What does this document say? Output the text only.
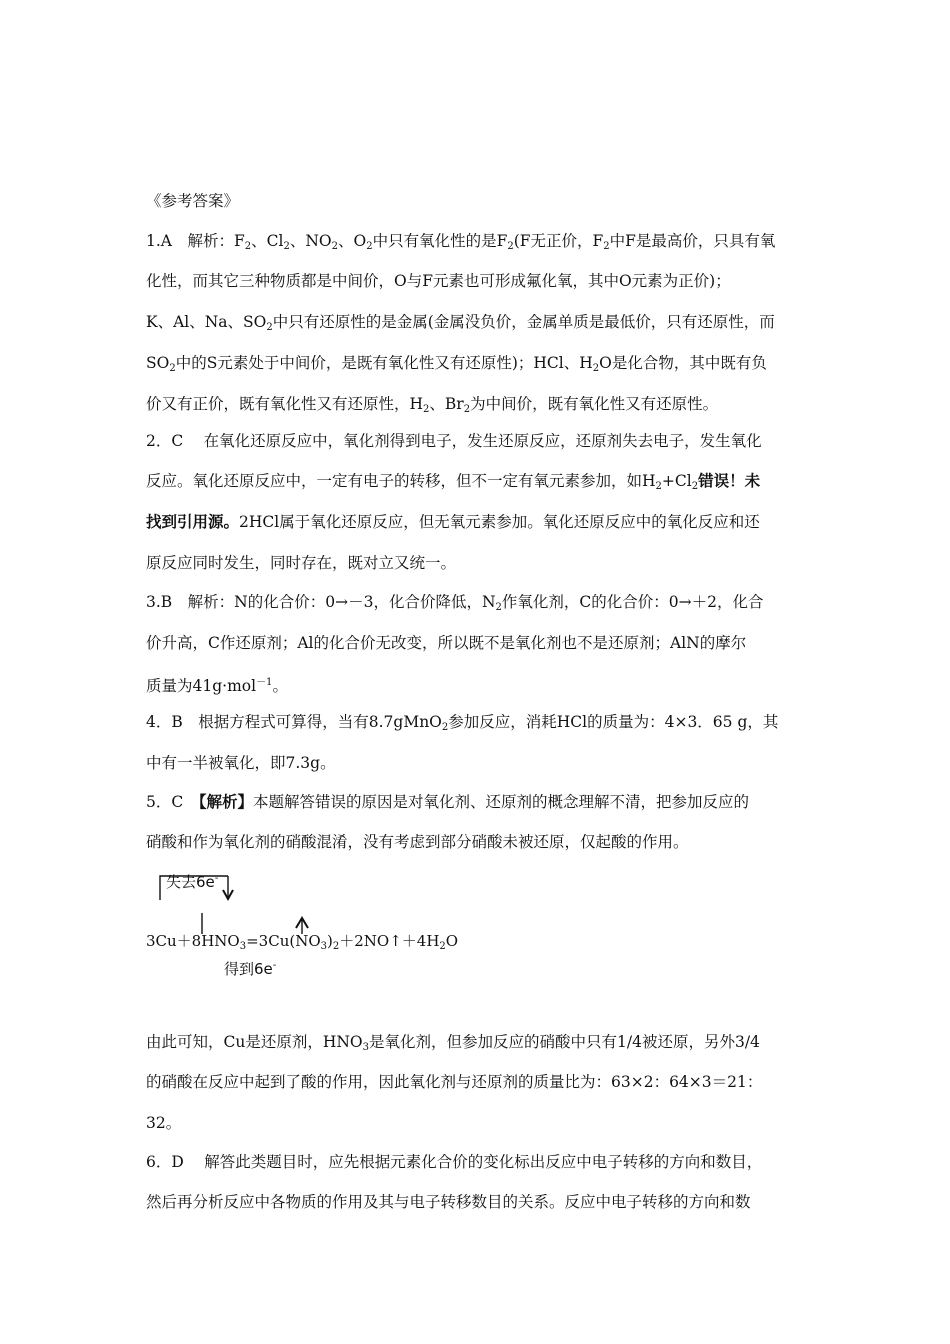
《参考答案》
1.A　解析：$F_2$、$Cl_2$、$NO_2$、$O_2$中只有氧化性的是$F_2(F$无正价，$F_2$中F是最高价，只具有氧
化性，而其它三种物质都是中间价，O与F元素也可形成氟化氧，其中O元素为正价)；
K、Al、Na、$SO_2$中只有还原性的是金属(金属没负价，金属单质是最低价，只有还原性，而
$SO_2$中的S元素处于中间价，是既有氧化性又有还原性)；HCl、$H_2O$是化合物，其中既有负
价又有正价，既有氧化性又有还原性，$H_2$、$Br_2$为中间价，既有氧化性又有还原性。
2．C　 在氧化还原反应中，氧化剂得到电子，发生还原反应，还原剂失去电子，发生氧化
反应。氧化还原反应中，一定有电子的转移，但不一定有氧元素参加，如$H_2+Cl_2$错误！未
找到引用源。2HCl属于氧化还原反应，但无氧元素参加。氧化还原反应中的氧化反应和还
原反应同时发生，同时存在，既对立又统一。
3.B　解析：N的化合价：0→－3，化合价降低，$N_2$作氧化剂，C的化合价：0→＋2，化合
价升高，C作还原剂；Al的化合价无改变，所以既不是氧化剂也不是还原剂；AlN的摩尔
质量为41g·mol$^{-1}$。
4．B　根据方程式可算得，当有8.7gMnO$_2$参加反应，消耗HCl的质量为：4×3．65 g，其
中有一半被氧化，即7.3g。
5．C　【解析】本题解答错误的原因是对氧化剂、还原剂的概念理解不清，把参加反应的
硝酸和作为氧化剂的硝酸混淆，没有考虑到部分硝酸未被还原，仅起酸的作用。
失去6e-
$3Cu+8HNO_3=3Cu(NO_3)_2+2NO↑+4H_2O$
得到6e-
由此可知，Cu是还原剂，$HNO_3$是氧化剂，但参加反应的硝酸中只有1/4被还原，另外3/4
的硝酸在反应中起到了酸的作用，因此氧化剂与还原剂的质量比为：63×2：64×3＝21：
32。
6．D　 解答此类题目时，应先根据元素化合价的变化标出反应中电子转移的方向和数目，
然后再分析反应中各物质的作用及其与电子转移数目的关系。反应中电子转移的方向和数
